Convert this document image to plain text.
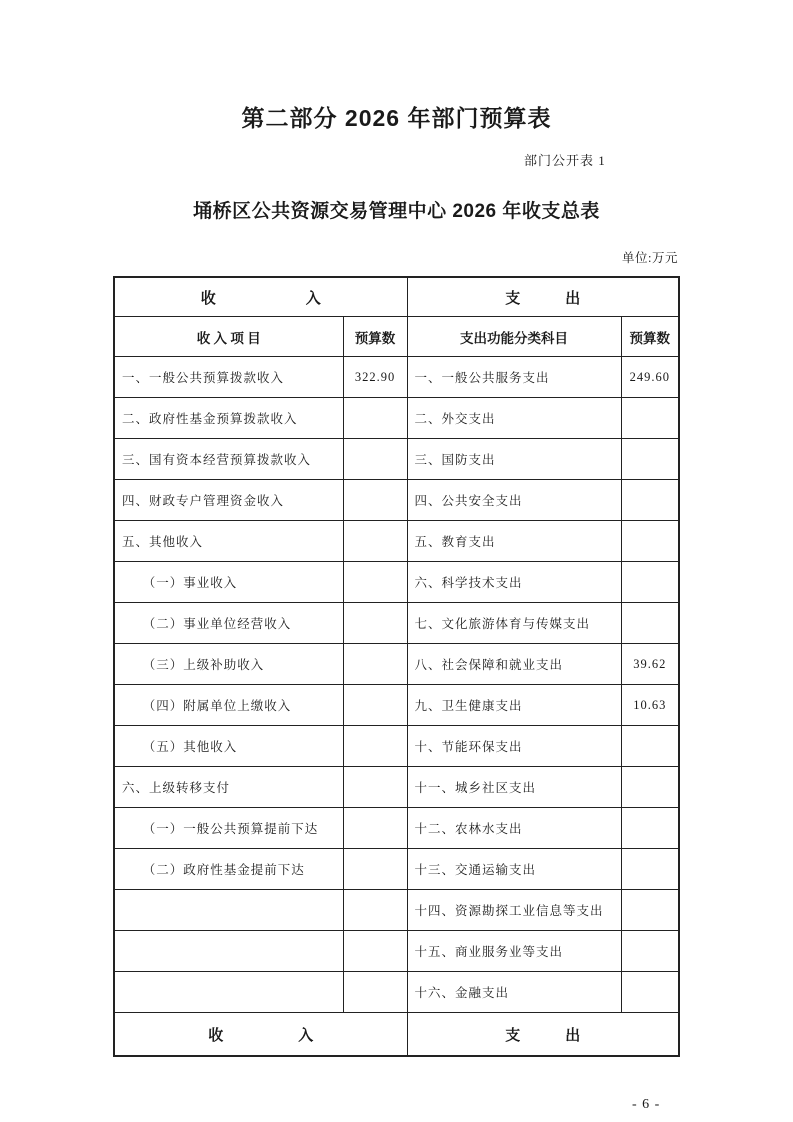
第二部分 2026 年部门预算表
部门公开表 1
埇桥区公共资源交易管理中心 2026 年收支总表
单位:万元
收　　　　　　入		支　　　出	
收 入 项 目	预算数	支出功能分类科目	预算数
一、一般公共预算拨款收入	322.90	一、一般公共服务支出	249.60
二、政府性基金预算拨款收入		二、外交支出	
三、国有资本经营预算拨款收入		三、国防支出	
四、财政专户管理资金收入		四、公共安全支出	
五、其他收入		五、教育支出	
　　（一）事业收入		六、科学技术支出	
　　（二）事业单位经营收入		七、文化旅游体育与传媒支出	
　　（三）上级补助收入		八、社会保障和就业支出	39.62
　　（四）附属单位上缴收入		九、卫生健康支出	10.63
　　（五）其他收入		十、节能环保支出	
六、上级转移支付		十一、城乡社区支出	
　　（一）一般公共预算提前下达		十二、农林水支出	
　　（二）政府性基金提前下达		十三、交通运输支出	
		十四、资源勘探工业信息等支出	
		十五、商业服务业等支出	
		十六、金融支出	
收　　　　　入		支　　　出	
- 6 -
